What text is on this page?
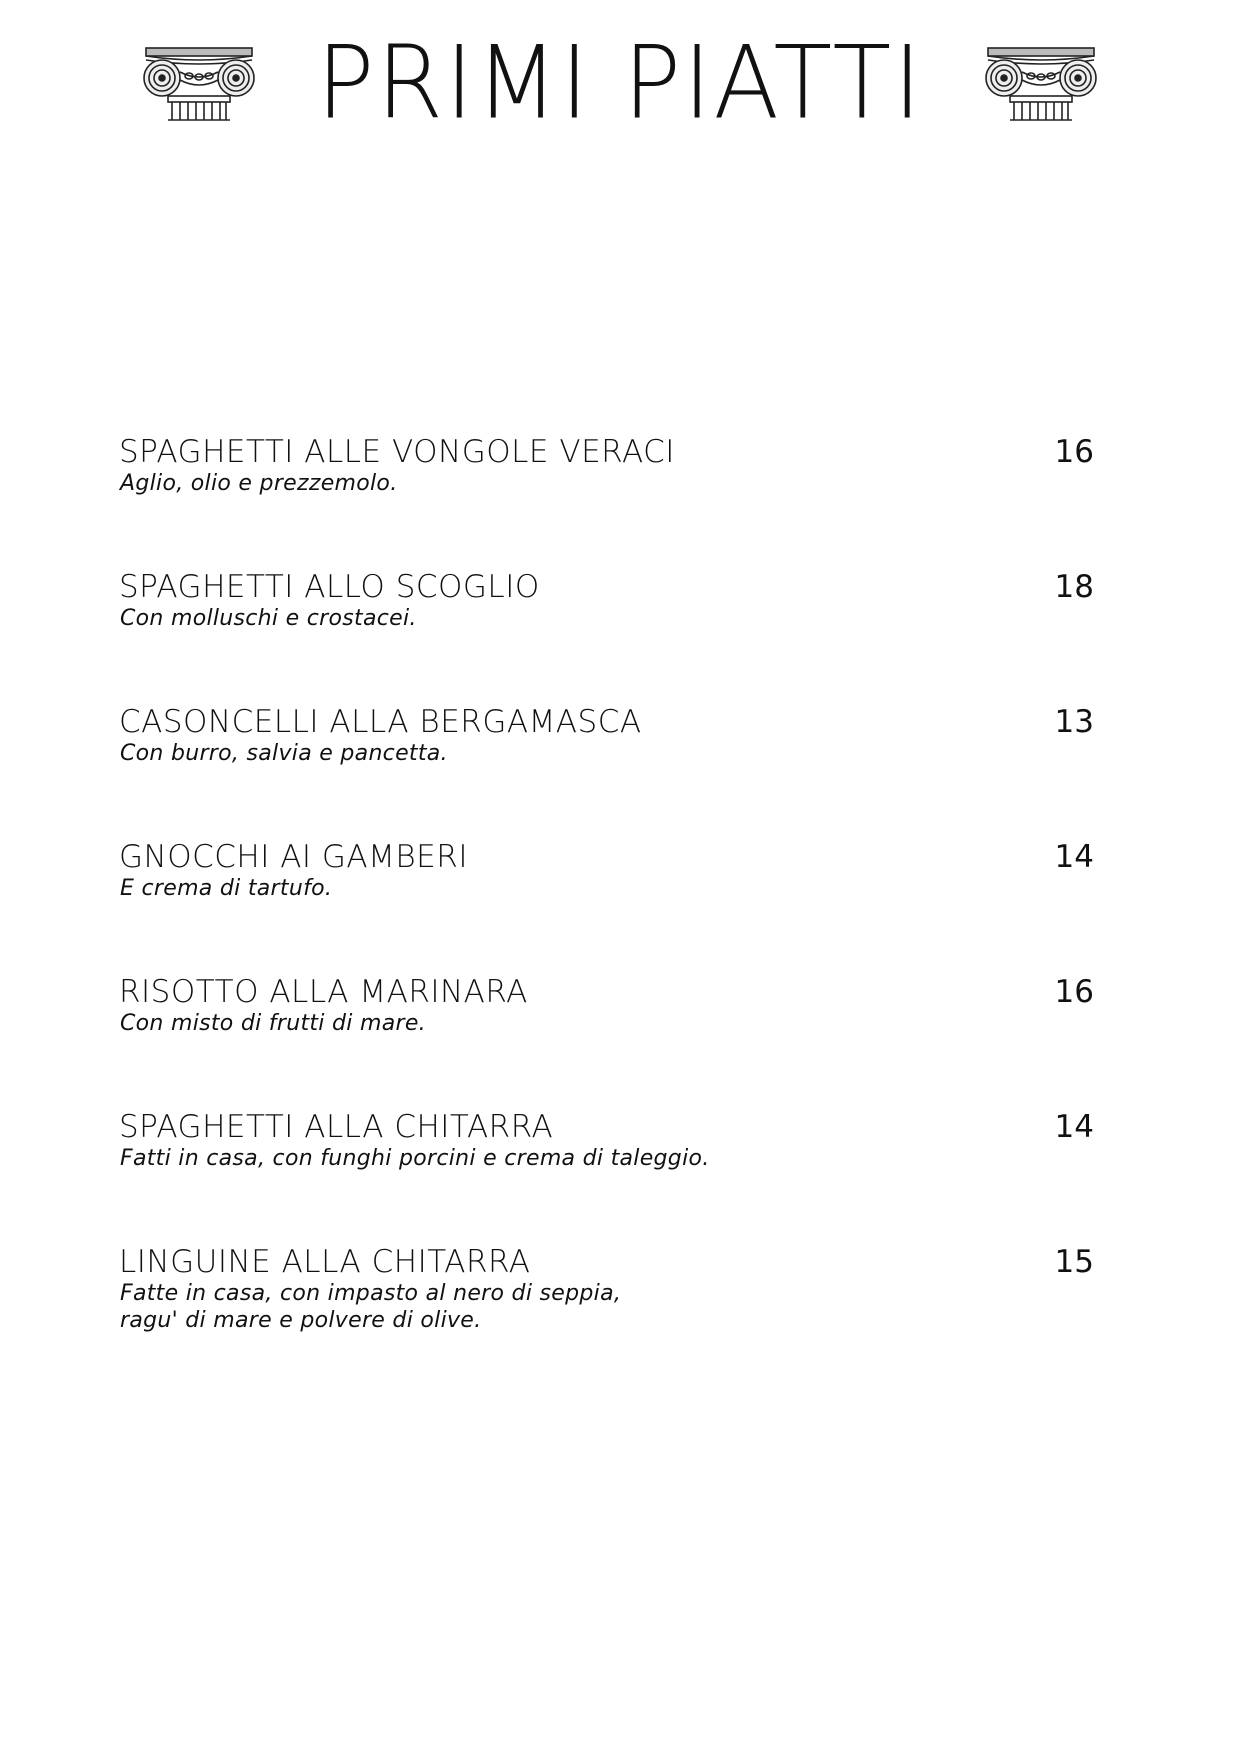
PRIMI PIATTI
SPAGHETTI ALLE VONGOLE VERACI	16
Aglio, olio e prezzemolo.
SPAGHETTI ALLO SCOGLIO	18
Con molluschi e crostacei.
CASONCELLI ALLA BERGAMASCA	13
Con burro, salvia e pancetta.
GNOCCHI AI GAMBERI	14
E crema di tartufo.
RISOTTO ALLA MARINARA	16
Con misto di frutti di mare.
SPAGHETTI ALLA CHITARRA	14
Fatti in casa, con funghi porcini e crema di taleggio.
LINGUINE ALLA CHITARRA	15
Fatte in casa, con impasto al nero di seppia,
ragu' di mare e polvere di olive.
